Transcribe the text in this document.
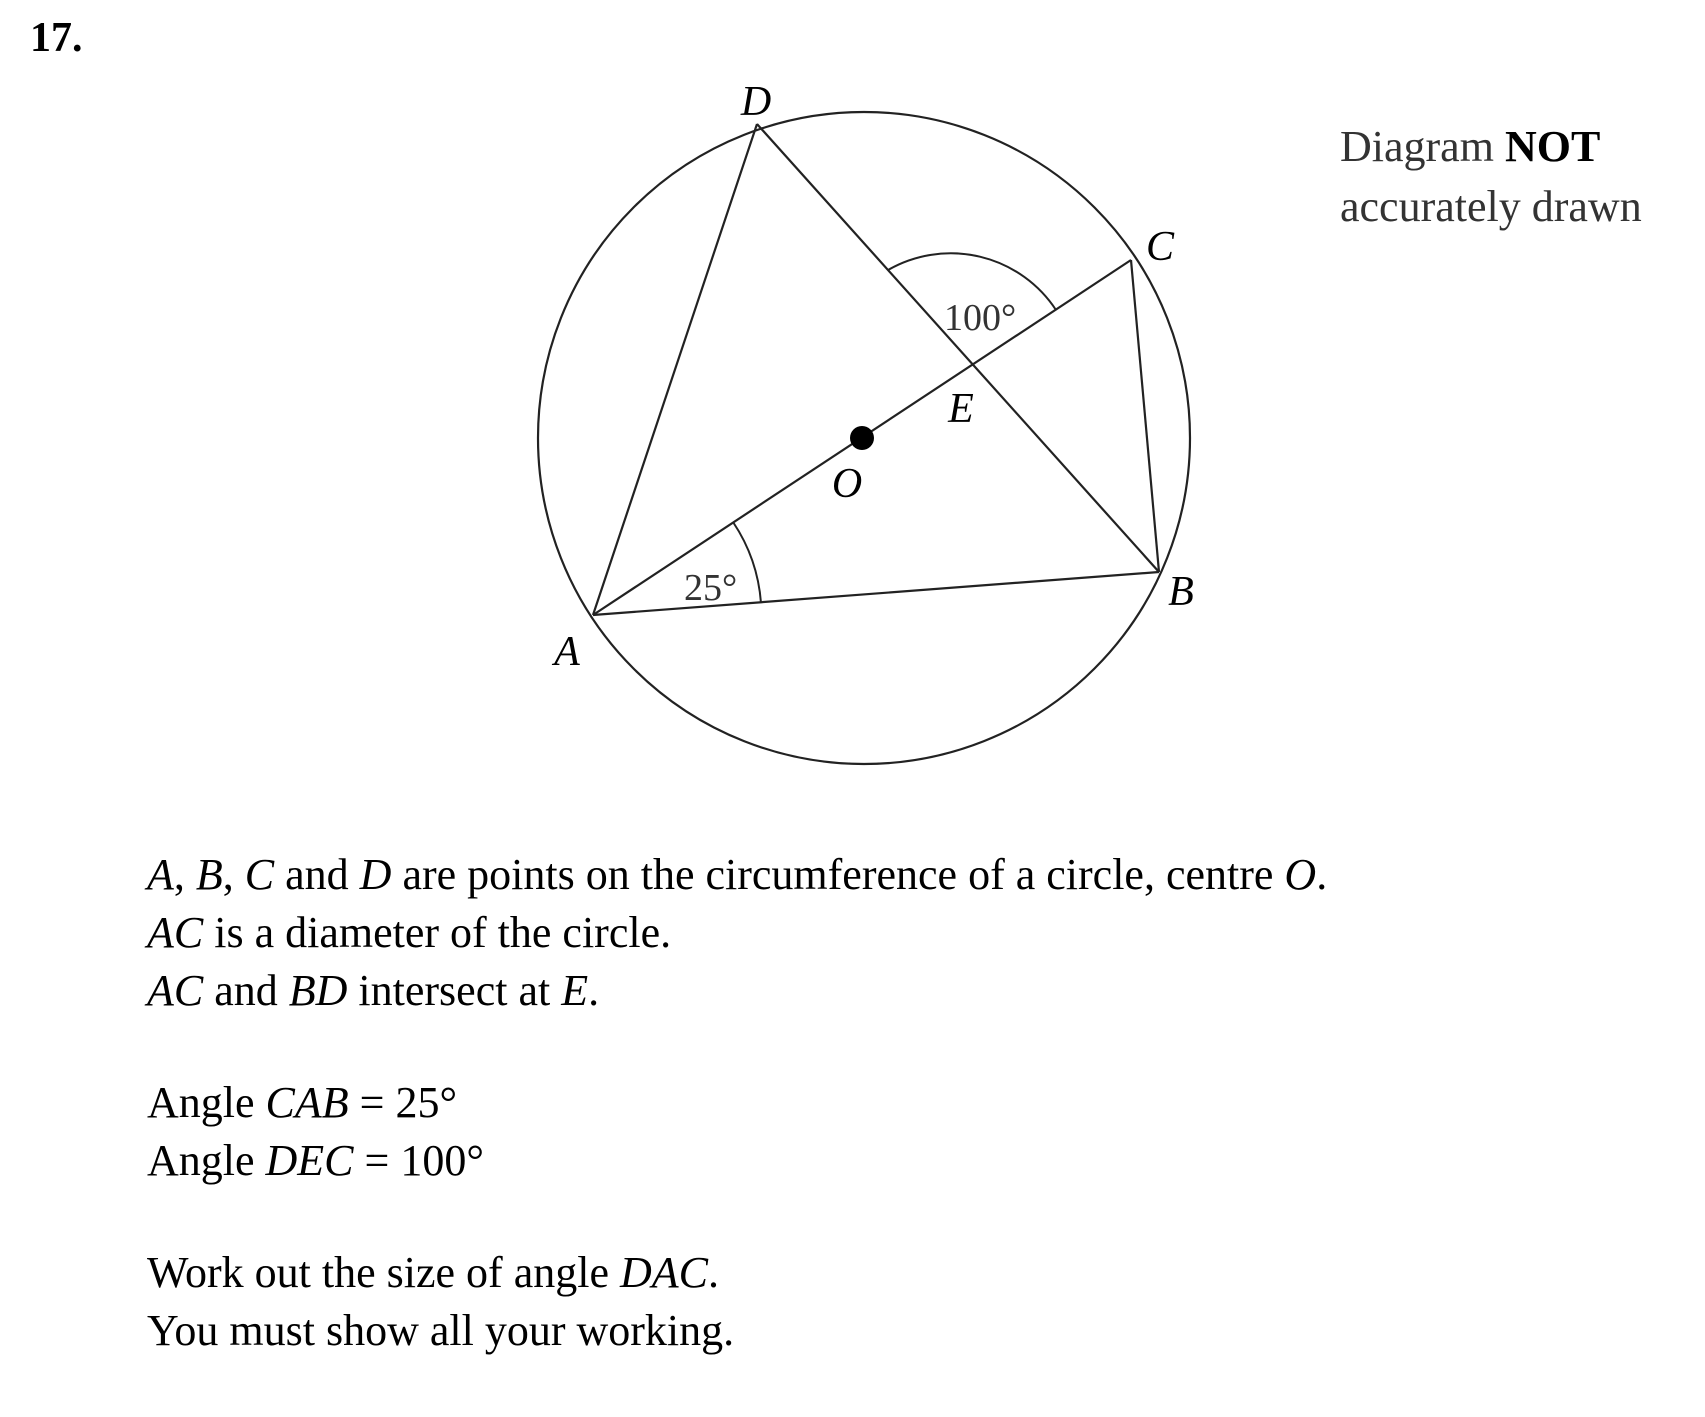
17.
D
C
E
O
B
A
25°
100°
Diagram NOT
accurately drawn
A, B, C and D are points on the circumference of a circle, centre O.
AC is a diameter of the circle.
AC and BD intersect at E.
Angle CAB = 25°
Angle DEC = 100°
Work out the size of angle DAC.
You must show all your working.
